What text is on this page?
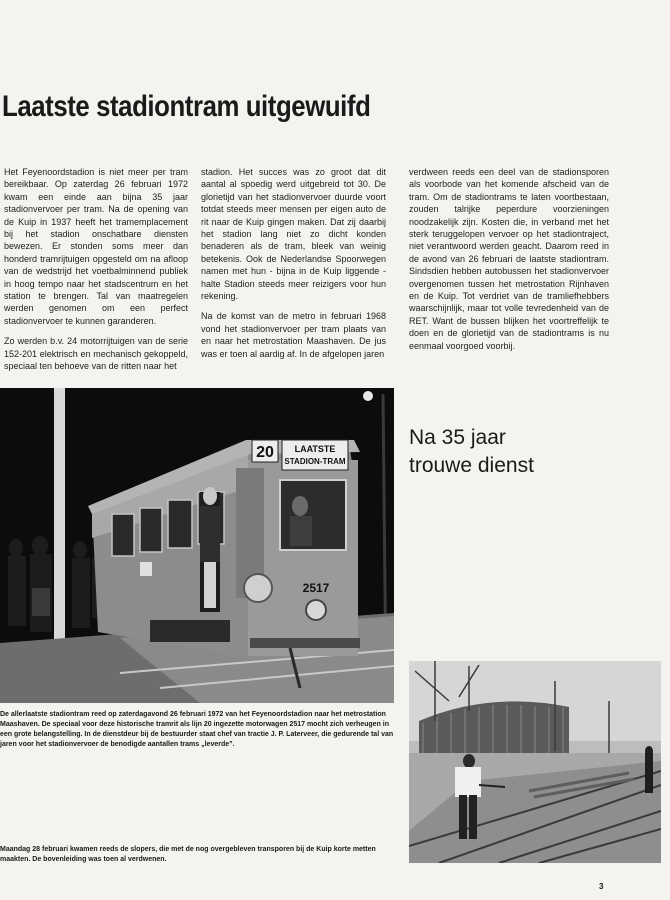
Laatste stadiontram uitgewuifd

Het Feyenoordstadion is niet meer per tram bereikbaar. Op zaterdag 26 februari 1972 kwam een einde aan bijna 35 jaar stadionvervoer per tram. Na de opening van de Kuip in 1937 heeft het tramemplacement bij het stadion onschatbare diensten bewezen. Er stonden soms meer dan honderd tramrijtuigen opgesteld om na afloop van de wedstrijd het voetbalminnend publiek in hoog tempo naar het stadscentrum en het station te brengen. Tal van maatregelen werden genomen om een perfect stadionvervoer te kunnen garanderen.

Zo werden b.v. 24 motorrijtuigen van de serie 152-201 elektrisch en mechanisch gekoppeld, speciaal ten behoeve van de ritten naar het

stadion. Het succes was zo groot dat dit aantal al spoedig werd uitgebreid tot 30. De glorietijd van het stadionvervoer duurde voort totdat steeds meer mensen per eigen auto de rit naar de Kuip gingen maken. Dat zij daarbij het stadion lang niet zo dicht konden benaderen als de tram, bleek van weinig betekenis. Ook de Nederlandse Spoorwegen namen met hun - bijna in de Kuip liggende - halte Stadion steeds meer reizigers voor hun rekening.

Na de komst van de metro in februari 1968 vond het stadionvervoer per tram plaats van en naar het metrostation Maashaven. De jus was er toen al aardig af. In de afgelopen jaren

verdween reeds een deel van de stadionsporen als voorbode van het komende afscheid van de tram. Om de stadiontrams te laten voortbestaan, zouden talrijke peperdure voorzieningen noodzakelijk zijn. Kosten die, in verband met het sterk teruggelopen vervoer op het stadiontraject, niet verantwoord werden geacht. Daarom reed in de avond van 26 februari de laatste stadiontram. Sindsdien hebben autobussen het stadionvervoer overgenomen tussen het metrostation Rijnhaven en de Kuip. Tot verdriet van de tramliefhebbers waarschijnlijk, maar tot volle tevredenheid van de RET. Want de bussen blijken het voortreffelijk te doen en de glorietijd van de stadiontrams is nu eenmaal voorgoed voorbij.

20 LAATSTE
STADION-TRAM
2517
Na 35 jaar
trouwe dienst
De allerlaatste stadiontram reed op zaterdagavond 26 februari 1972 van het Feyenoordstadion naar het metrostation Maashaven. De speciaal voor deze historische tramrit als lijn 20 ingezette motorwagen 2517 mocht zich verheugen in een grote belangstelling. In de dienstdeur bij de bestuurder staat chef van tractie J. P. Laterveer, die gedurende tal van jaren voor het stadionvervoer de benodigde aantallen trams „leverde”.
Maandag 28 februari kwamen reeds de slopers, die met de nog overgebleven transporen bij de Kuip korte metten maakten. De bovenleiding was toen al verdwenen.
3
